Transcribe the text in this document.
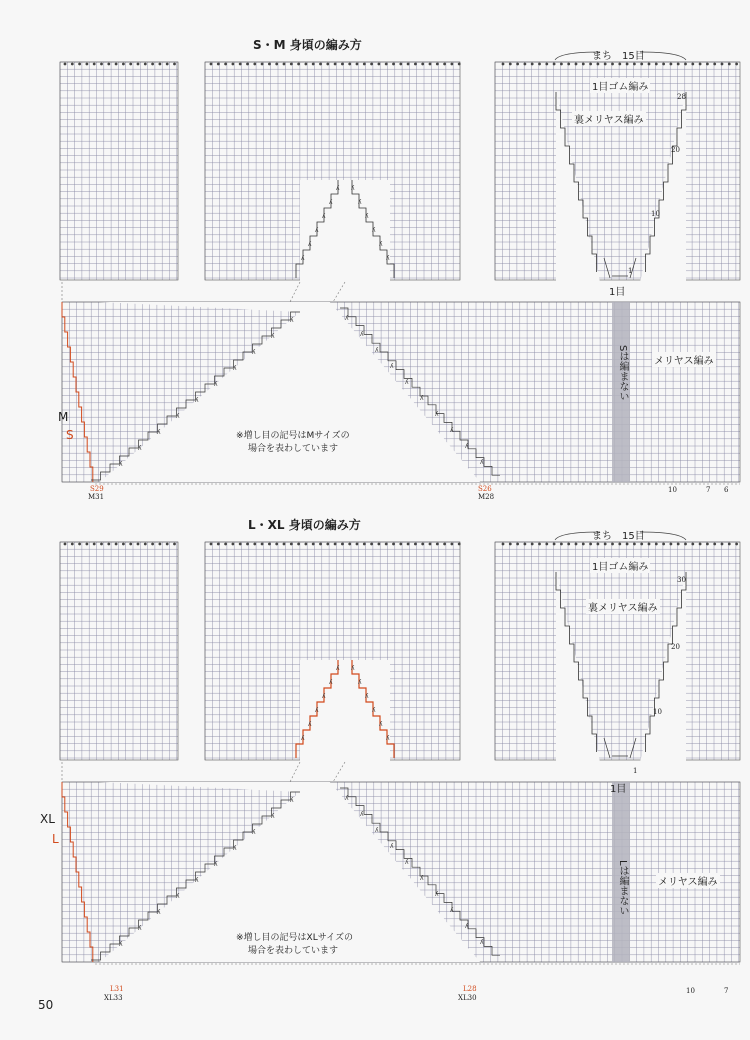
ʎ ʎ
ʎ	ʎ
ʎ	ʎ
ʎ	ʎ
ʎ	ʎ
ʎ	ʎ
ʎ	ʎ
ʎ	ʎ
ʎ	ʎ
ʎ	ʎ
ʎ	ʎ
ʎ	ʎ
ʎ	ʎ
ʎ	ʎ
ʎ	ʎ
ʎ	ʎ
ʎ ʎ
ʎ	ʎ
ʎ	ʎ
ʎ	ʎ
ʎ	ʎ
ʎ	ʎ
ʎ	ʎ
ʎ	ʎ
ʎ	ʎ
ʎ	ʎ
ʎ	ʎ
ʎ	ʎ
ʎ	ʎ
ʎ	ʎ
ʎ	ʎ
ʎ	ʎ
S・M 身頃の編み方
まち　15目
1目ゴム編み
裏メリヤス編み
28
20
10
1
1目
メリヤス編み
Sは編まない
M
S	※増し目の記号はMサイズの
場合を表わしています
S29
M31
S26
M28
10	7 6
L・XL 身頃の編み方
まち　15目
1目ゴム編み
裏メリヤス編み
30
20
10
1
1目
メリヤス編み
Lは編まない
XL
L
※増し目の記号はXLサイズの
場合を表わしています
L31
XL33
L28
XL30
10	7
50
